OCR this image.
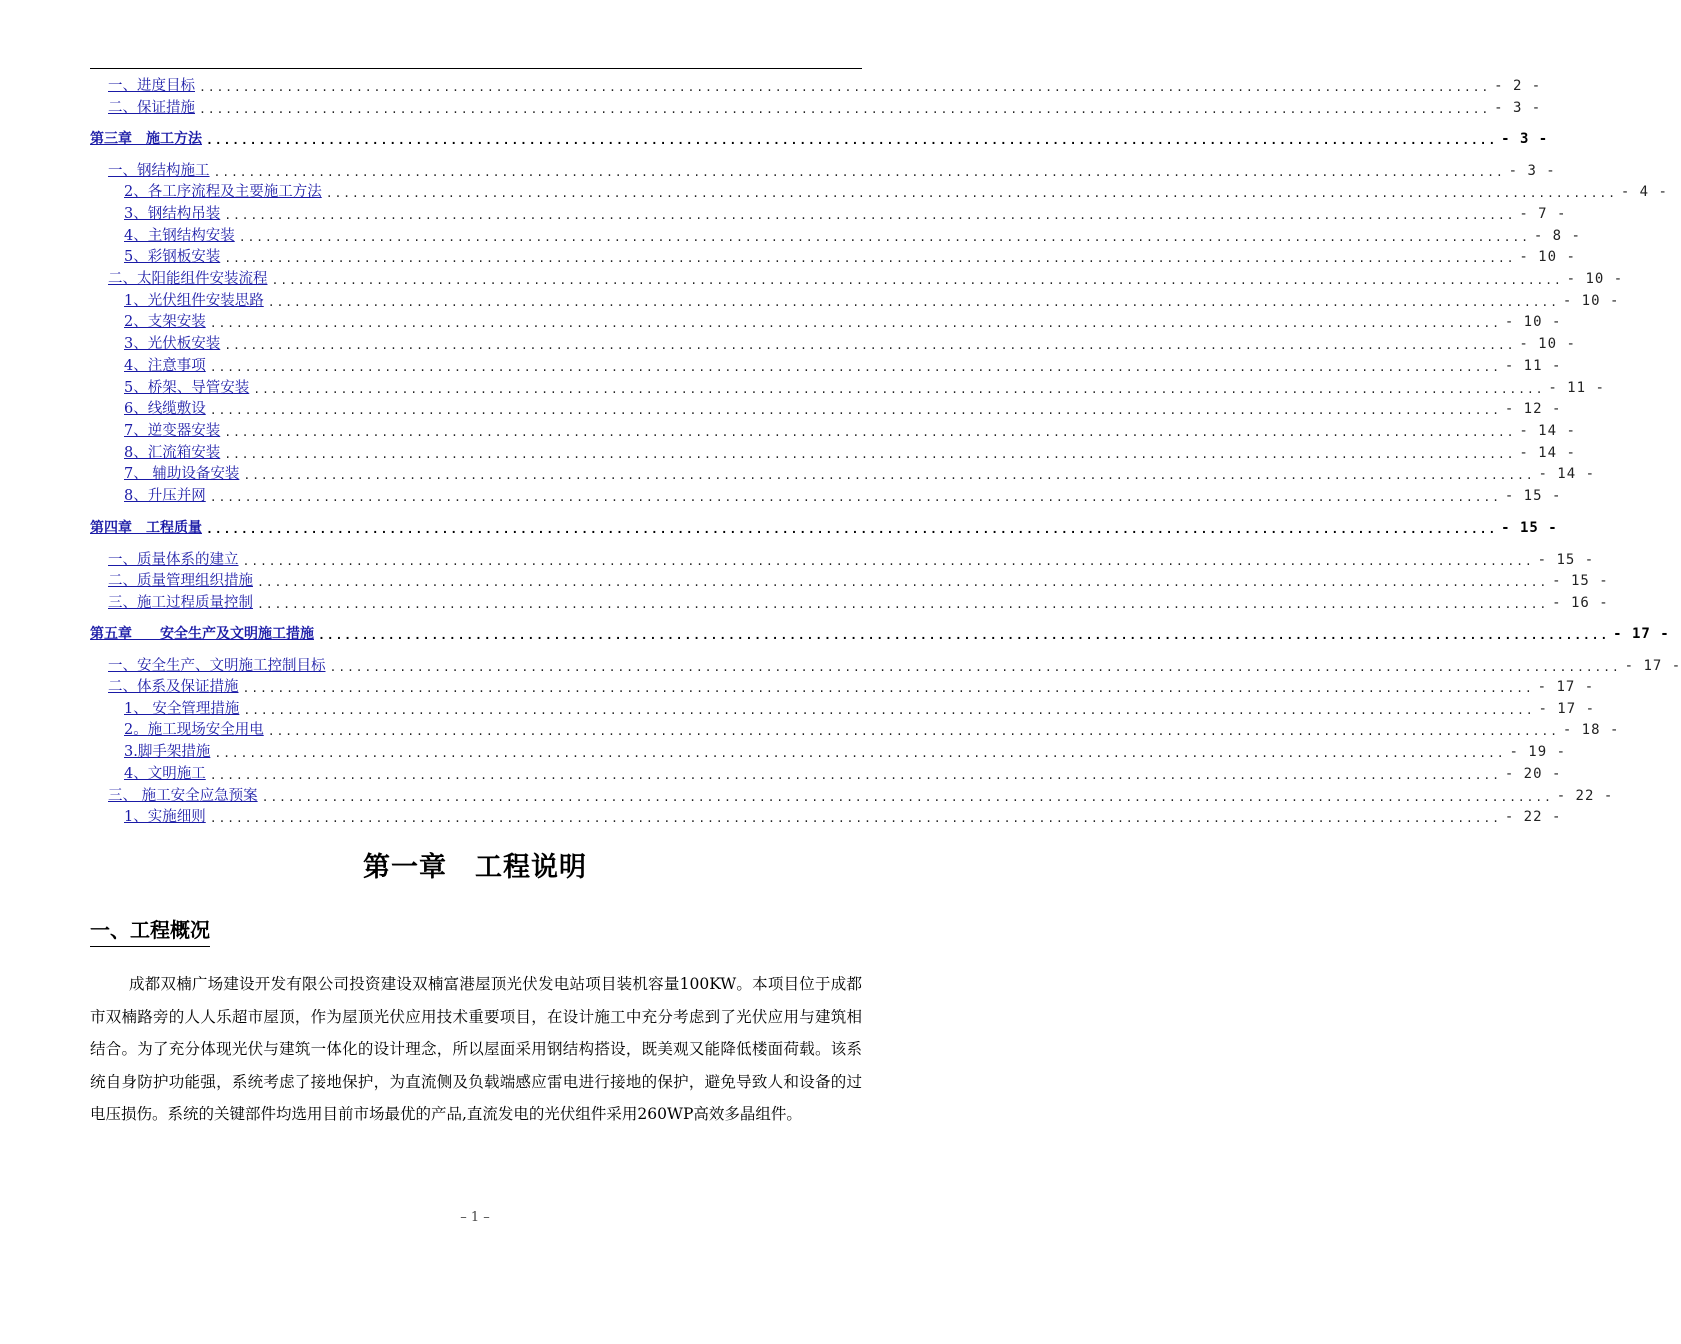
一、进度目标 .................................................................................................................................................... - 2 -
二、保证措施 .................................................................................................................................................... - 3 -
第三章　施工方法 .................................................................................................................................................... - 3 -
一、钢结构施工 .................................................................................................................................................... - 3 -
2、各工序流程及主要施工方法 .................................................................................................................................................... - 4 -
3、钢结构吊装 .................................................................................................................................................... - 7 -
4、主钢结构安装 .................................................................................................................................................... - 8 -
5、彩钢板安装 .................................................................................................................................................... - 10 -
二、太阳能组件安装流程 .................................................................................................................................................... - 10 -
1、光伏组件安装思路 .................................................................................................................................................... - 10 -
2、支架安装 .................................................................................................................................................... - 10 -
3、光伏板安装 .................................................................................................................................................... - 10 -
4、注意事项 .................................................................................................................................................... - 11 -
5、桥架、导管安装 .................................................................................................................................................... - 11 -
6、线缆敷设 .................................................................................................................................................... - 12 -
7、逆变器安装 .................................................................................................................................................... - 14 -
8、汇流箱安装 .................................................................................................................................................... - 14 -
7、 辅助设备安装 .................................................................................................................................................... - 14 -
8、升压并网 .................................................................................................................................................... - 15 -
第四章　工程质量 .................................................................................................................................................... - 15 -
一、质量体系的建立 .................................................................................................................................................... - 15 -
二、质量管理组织措施 .................................................................................................................................................... - 15 -
三、施工过程质量控制 .................................................................................................................................................... - 16 -
第五章　　安全生产及文明施工措施 .................................................................................................................................................... - 17 -
一、安全生产、文明施工控制目标 .................................................................................................................................................... - 17 -
二、体系及保证措施 .................................................................................................................................................... - 17 -
1、 安全管理措施 .................................................................................................................................................... - 17 -
2。施工现场安全用电 .................................................................................................................................................... - 18 -
3.脚手架措施 .................................................................................................................................................... - 19 -
4、文明施工 .................................................................................................................................................... - 20 -
三、 施工安全应急预案 .................................................................................................................................................... - 22 -
1、实施细则 .................................................................................................................................................... - 22 -
第一章　工程说明
一、工程概况

成都双楠广场建设开发有限公司投资建设双楠富港屋顶光伏发电站项目装机容量100KW。本项目位于成都市双楠路旁的人人乐超市屋顶，作为屋顶光伏应用技术重要项目，在设计施工中充分考虑到了光伏应用与建筑相结合。为了充分体现光伏与建筑一体化的设计理念，所以屋面采用钢结构搭设，既美观又能降低楼面荷载。该系统自身防护功能强，系统考虑了接地保护，为直流侧及负载端感应雷电进行接地的保护，避免导致人和设备的过电压损伤。系统的关键部件均选用目前市场最优的产品,直流发电的光伏组件采用260WP高效多晶组件。

– 1 –
